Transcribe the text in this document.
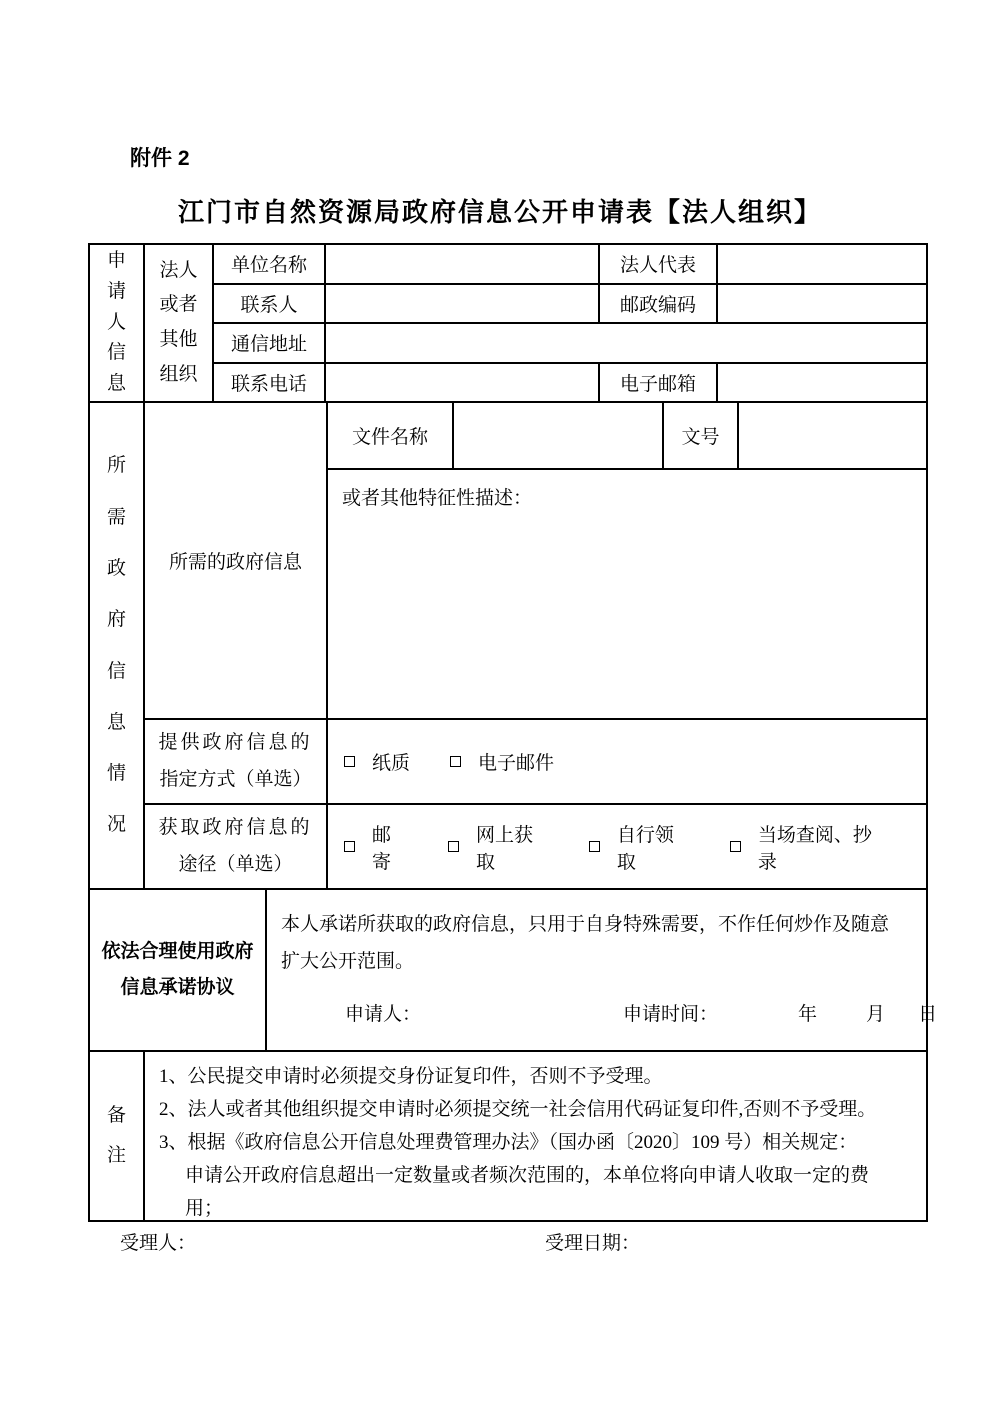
附件 2
江门市自然资源局政府信息公开申请表【法人组织】
申请人信息
法人或者其他组织
单位名称	法人代表
联系人	邮政编码
通信地址
联系电话	电子邮箱
所需政府信息情况
所需的政府信息
文件名称	文号
或者其他特征性描述：
提供政府信息的
指定方式（单选）
纸质	电子邮件
获取政府信息的
途径（单选）
邮寄
网上获取
自行领取
当场查阅、抄录
依法合理使用政府
信息承诺协议
本人承诺所获取的政府信息，只用于自身特殊需要，不作任何炒作及随意扩大公开范围。
申请人：	申请时间：	年	月 日
备注
1、公民提交申请时必须提交身份证复印件，否则不予受理。
2、法人或者其他组织提交申请时必须提交统一社会信用代码证复印件,否则不予受理。
3、根据《政府信息公开信息处理费管理办法》（国办函〔2020〕109 号）相关规定：
申请公开政府信息超出一定数量或者频次范围的，本单位将向申请人收取一定的费用；
受理人：	受理日期：
